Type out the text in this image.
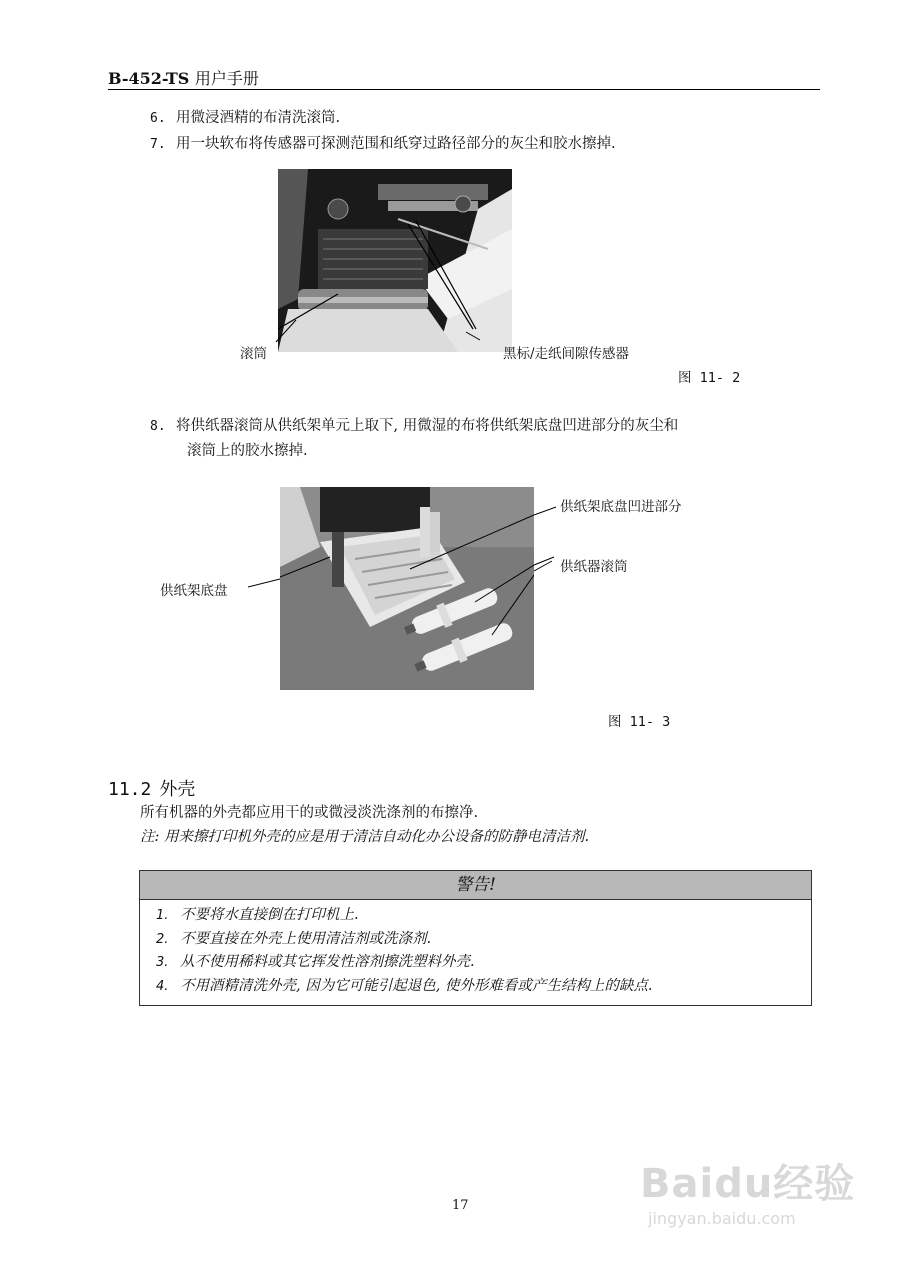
B-452-TS 用户手册
6. 用微浸酒精的布清洗滚筒.
7. 用一块软布将传感器可探测范围和纸穿过路径部分的灰尘和胶水擦掉.
滚筒	黑标/走纸间隙传感器
图 11- 2
8. 将供纸器滚筒从供纸架单元上取下, 用微湿的布将供纸架底盘凹进部分的灰尘和
滚筒上的胶水擦掉.
供纸架底盘凹进部分
供纸器滚筒
供纸架底盘
图 11- 3
11.2 外壳
所有机器的外壳都应用干的或微浸淡洗涤剂的布擦净.
注: 用来擦打印机外壳的应是用于清洁自动化办公设备的防静电清洁剂.
警告!
1. 不要将水直接倒在打印机上.
2. 不要直接在外壳上使用清洁剂或洗涤剂.
3. 从不使用稀料或其它挥发性溶剂擦洗塑料外壳.
4. 不用酒精清洗外壳, 因为它可能引起退色, 使外形难看或产生结构上的缺点.
17	Baidu经验
jingyan.baidu.com
